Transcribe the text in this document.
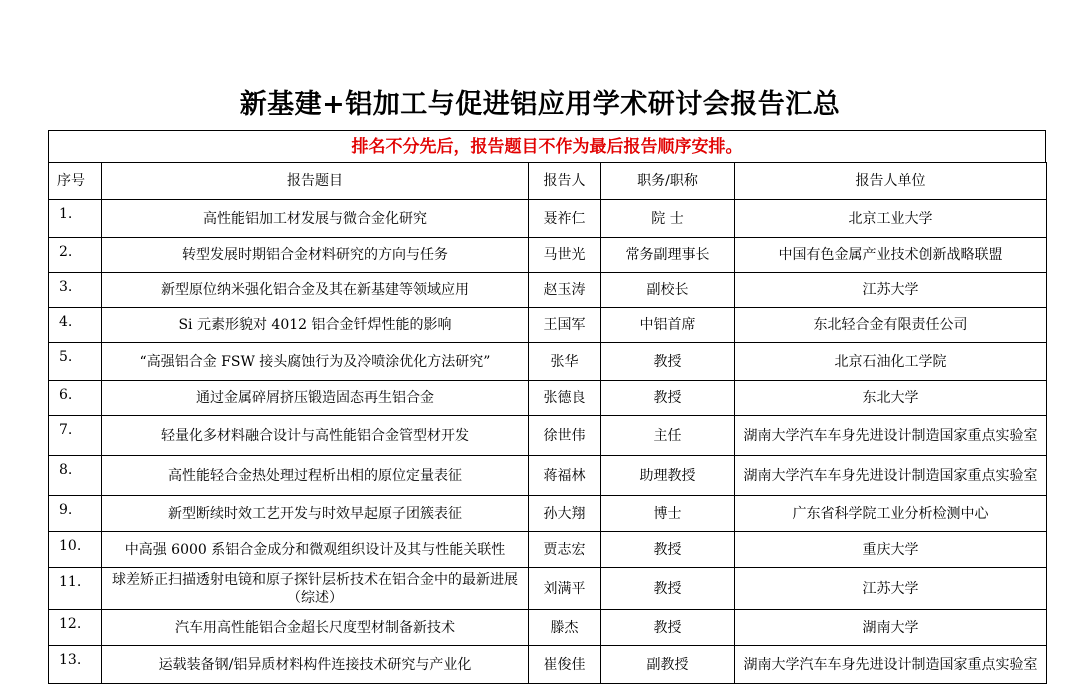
新基建+铝加工与促进铝应用学术研讨会报告汇总
排名不分先后，报告题目不作为最后报告顺序安排。
序号	报告题目	报告人	职务/职称	报告人单位
1.	高性能铝加工材发展与微合金化研究	聂祚仁	院 士	北京工业大学
2.	转型发展时期铝合金材料研究的方向与任务	马世光	常务副理事长	中国有色金属产业技术创新战略联盟
3.	新型原位纳米强化铝合金及其在新基建等领域应用	赵玉涛	副校长	江苏大学
4.	Si 元素形貌对 4012 铝合金钎焊性能的影响	王国军	中铝首席	东北轻合金有限责任公司
5.	“高强铝合金 FSW 接头腐蚀行为及冷喷涂优化方法研究”	张华	教授	北京石油化工学院
6.	通过金属碎屑挤压锻造固态再生铝合金	张德良	教授	东北大学
7.	轻量化多材料融合设计与高性能铝合金管型材开发	徐世伟	主任	湖南大学汽车车身先进设计制造国家重点实验室
8.	高性能轻合金热处理过程析出相的原位定量表征	蒋福林	助理教授	湖南大学汽车车身先进设计制造国家重点实验室
9.	新型断续时效工艺开发与时效早起原子团簇表征	孙大翔	博士	广东省科学院工业分析检测中心
10.	中高强 6000 系铝合金成分和微观组织设计及其与性能关联性	贾志宏	教授	重庆大学
11.	球差矫正扫描透射电镜和原子探针层析技术在铝合金中的最新进展（综述）	刘满平	教授	江苏大学
12.	汽车用高性能铝合金超长尺度型材制备新技术	滕杰	教授	湖南大学
13.	运载装备钢/铝异质材料构件连接技术研究与产业化	崔俊佳	副教授	湖南大学汽车车身先进设计制造国家重点实验室
